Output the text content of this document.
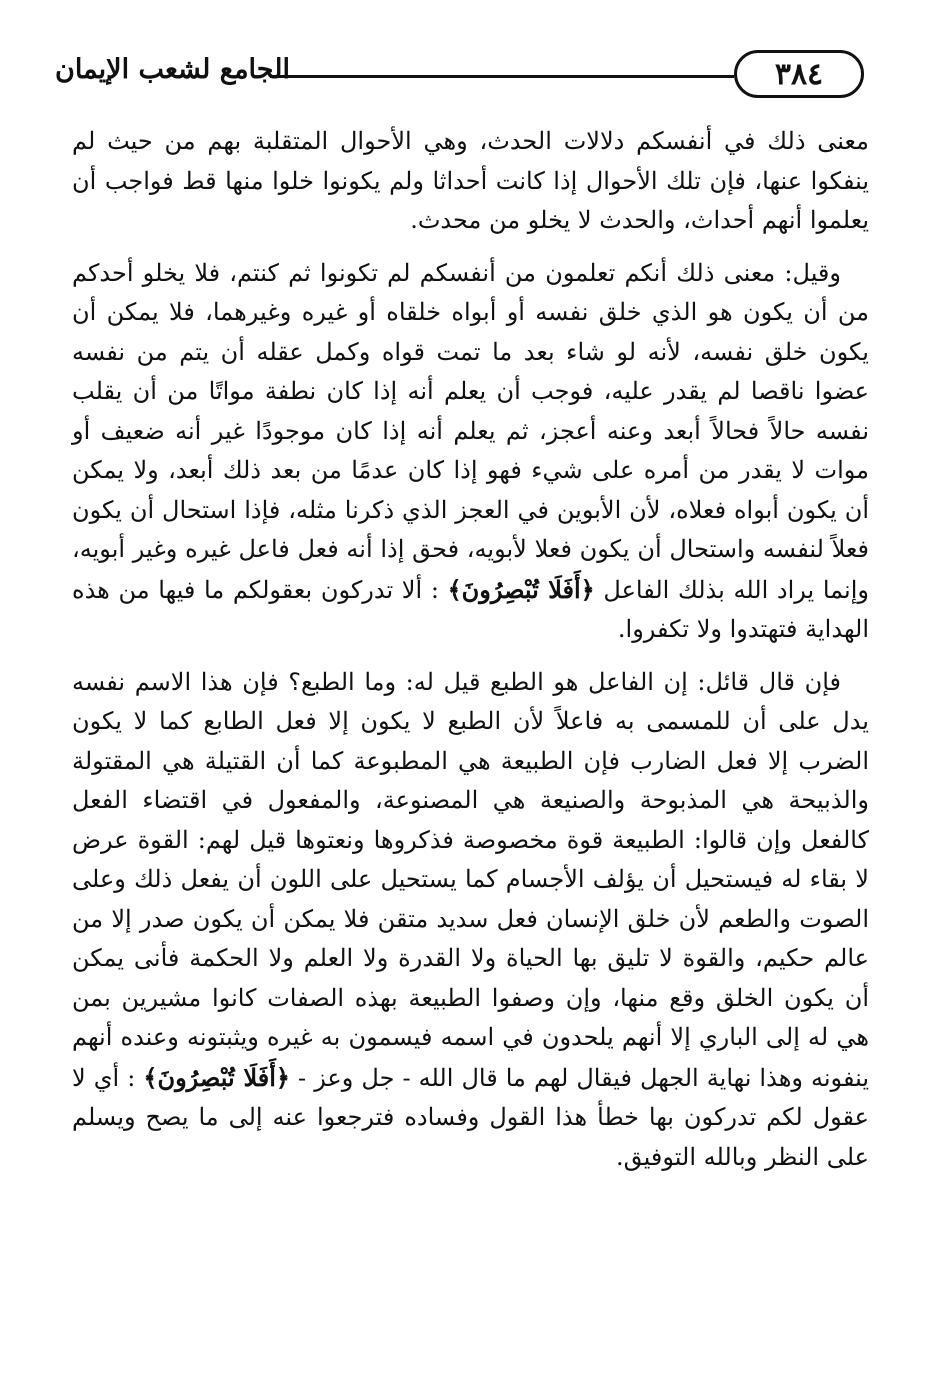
٣٨٤
الجامع لشعب الإيمان

معنى ذلك في أنفسكم دلالات الحدث، وهي الأحوال المتقلبة بهم من حيث لم ينفكوا عنها، فإن تلك الأحوال إذا كانت أحداثا ولم يكونوا خلوا منها قط فواجب أن يعلموا أنهم أحداث، والحدث لا يخلو من محدث.

وقيل: معنى ذلك أنكم تعلمون من أنفسكم لم تكونوا ثم كنتم، فلا يخلو أحدكم من أن يكون هو الذي خلق نفسه أو أبواه خلقاه أو غيره وغيرهما، فلا يمكن أن يكون خلق نفسه، لأنه لو شاء بعد ما تمت قواه وكمل عقله أن يتم من نفسه عضوا ناقصا لم يقدر عليه، فوجب أن يعلم أنه إذا كان نطفة مواتًا من أن يقلب نفسه حالاً فحالاً أبعد وعنه أعجز، ثم يعلم أنه إذا كان موجودًا غير أنه ضعيف أو موات لا يقدر من أمره على شيء فهو إذا كان عدمًا من بعد ذلك أبعد، ولا يمكن أن يكون أبواه فعلاه، لأن الأبوين في العجز الذي ذكرنا مثله، فإذا استحال أن يكون فعلاً لنفسه واستحال أن يكون فعلا لأبويه، فحق إذا أنه فعل فاعل غيره وغير أبويه، وإنما يراد الله بذلك الفاعل ﴿أَفَلَا تُبْصِرُونَ﴾ : ألا تدركون بعقولكم ما فيها من هذه الهداية فتهتدوا ولا تكفروا.

فإن قال قائل: إن الفاعل هو الطبع قيل له: وما الطبع؟ فإن هذا الاسم نفسه يدل على أن للمسمى به فاعلاً لأن الطبع لا يكون إلا فعل الطابع كما لا يكون الضرب إلا فعل الضارب فإن الطبيعة هي المطبوعة كما أن القتيلة هي المقتولة والذبيحة هي المذبوحة والصنيعة هي المصنوعة، والمفعول في اقتضاء الفعل كالفعل وإن قالوا: الطبيعة قوة مخصوصة فذكروها ونعتوها قيل لهم: القوة عرض لا بقاء له فيستحيل أن يؤلف الأجسام كما يستحيل على اللون أن يفعل ذلك وعلى الصوت والطعم لأن خلق الإنسان فعل سديد متقن فلا يمكن أن يكون صدر إلا من عالم حكيم، والقوة لا تليق بها الحياة ولا القدرة ولا العلم ولا الحكمة فأنى يمكن أن يكون الخلق وقع منها، وإن وصفوا الطبيعة بهذه الصفات كانوا مشيرين بمن هي له إلى الباري إلا أنهم يلحدون في اسمه فيسمون به غيره ويثبتونه وعنده أنهم ينفونه وهذا نهاية الجهل فيقال لهم ما قال الله - جل وعز - ﴿أَفَلَا تُبْصِرُونَ﴾ : أي لا عقول لكم تدركون بها خطأ هذا القول وفساده فترجعوا عنه إلى ما يصح ويسلم على النظر وبالله التوفيق.
